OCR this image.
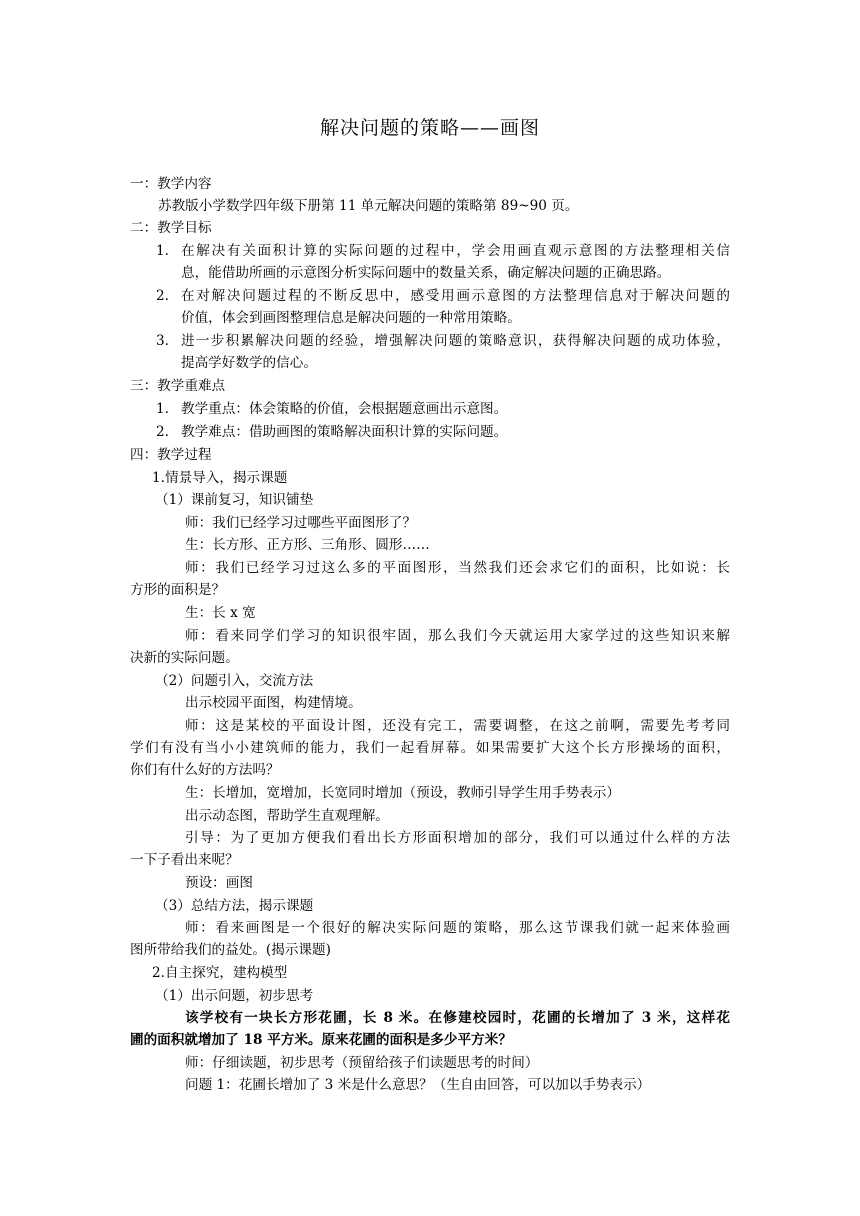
解决问题的策略——画图
一：教学内容
苏教版小学数学四年级下册第 11 单元解决问题的策略第 89~90 页。
二：教学目标
1. 在解决有关面积计算的实际问题的过程中，学会用画直观示意图的方法整理相关信
息，能借助所画的示意图分析实际问题中的数量关系，确定解决问题的正确思路。
2. 在对解决问题过程的不断反思中，感受用画示意图的方法整理信息对于解决问题的
价值，体会到画图整理信息是解决问题的一种常用策略。
3. 进一步积累解决问题的经验，增强解决问题的策略意识，获得解决问题的成功体验，
提高学好数学的信心。
三：教学重难点
1. 教学重点：体会策略的价值，会根据题意画出示意图。
2. 教学难点：借助画图的策略解决面积计算的实际问题。
四：教学过程
1.情景导入，揭示课题
（1）课前复习，知识铺垫
师：我们已经学习过哪些平面图形了？
生：长方形、正方形、三角形、圆形……
师：我们已经学习过这么多的平面图形，当然我们还会求它们的面积，比如说：长
方形的面积是？
生：长 x 宽
师：看来同学们学习的知识很牢固，那么我们今天就运用大家学过的这些知识来解
决新的实际问题。
（2）问题引入，交流方法
出示校园平面图，构建情境。
师：这是某校的平面设计图，还没有完工，需要调整，在这之前啊，需要先考考同
学们有没有当小小建筑师的能力，我们一起看屏幕。如果需要扩大这个长方形操场的面积，
你们有什么好的方法吗？
生：长增加，宽增加，长宽同时增加（预设，教师引导学生用手势表示）
出示动态图，帮助学生直观理解。
引导：为了更加方便我们看出长方形面积增加的部分，我们可以通过什么样的方法
一下子看出来呢？
预设：画图
（3）总结方法，揭示课题
师：看来画图是一个很好的解决实际问题的策略，那么这节课我们就一起来体验画
图所带给我们的益处。(揭示课题)
2.自主探究，建构模型
（1）出示问题，初步思考
该学校有一块长方形花圃，长 8 米。在修建校园时，花圃的长增加了 3 米，这样花
圃的面积就增加了 18 平方米。原来花圃的面积是多少平方米？
师：仔细读题，初步思考（预留给孩子们读题思考的时间）
问题 1：花圃长增加了 3 米是什么意思？（生自由回答，可以加以手势表示）
